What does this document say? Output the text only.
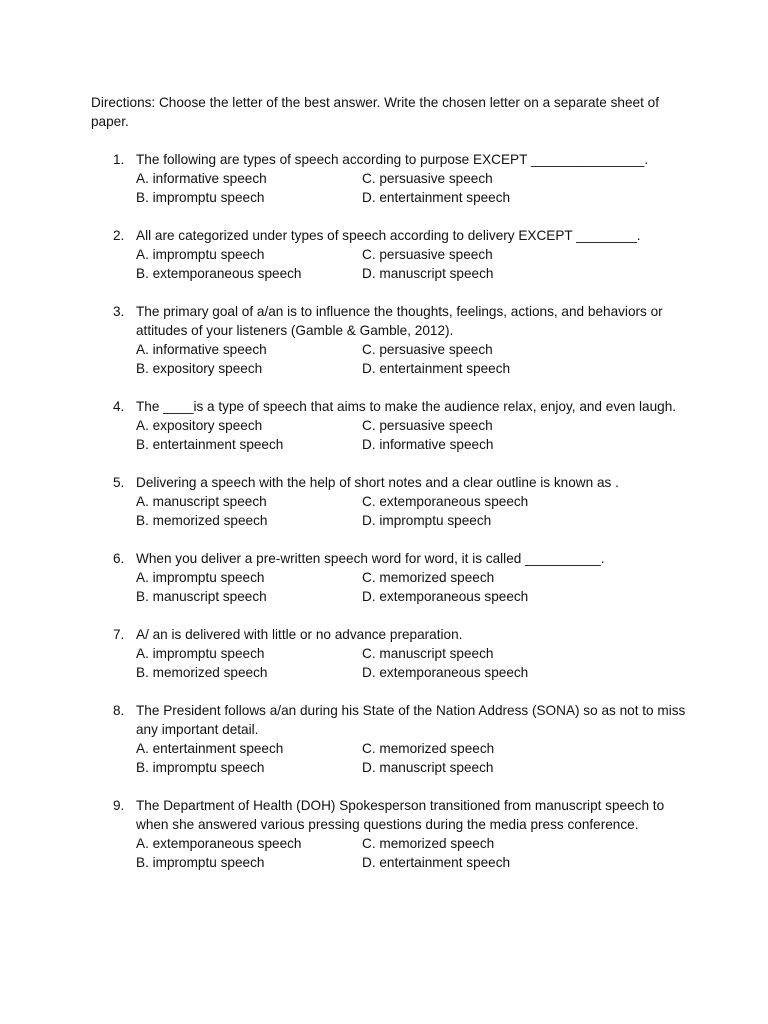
Directions: Choose the letter of the best answer. Write the chosen letter on a separate sheet of paper.

1. The following are types of speech according to purpose EXCEPT _______________.

A. informative speech	C. persuasive speech
B. impromptu speech	D. entertainment speech
2. All are categorized under types of speech according to delivery EXCEPT ________.

A. impromptu speech	C. persuasive speech
B. extemporaneous speech	D. manuscript speech
3. The primary goal of a/an is to influence the thoughts, feelings, actions, and behaviors or attitudes of your listeners (Gamble & Gamble, 2012).

A. informative speech	C. persuasive speech
B. expository speech	D. entertainment speech
4. The ____is a type of speech that aims to make the audience relax, enjoy, and even laugh.

A. expository speech	C. persuasive speech
B. entertainment speech	D. informative speech
5. Delivering a speech with the help of short notes and a clear outline is known as .

A. manuscript speech	C. extemporaneous speech
B. memorized speech	D. impromptu speech
6. When you deliver a pre-written speech word for word, it is called __________.

A. impromptu speech	C. memorized speech
B. manuscript speech	D. extemporaneous speech
7. A/ an is delivered with little or no advance preparation.

A. impromptu speech	C. manuscript speech
B. memorized speech	D. extemporaneous speech
8. The President follows a/an during his State of the Nation Address (SONA) so as not to miss any important detail.

A. entertainment speech	C. memorized speech
B. impromptu speech	D. manuscript speech
9. The Department of Health (DOH) Spokesperson transitioned from manuscript speech to when she answered various pressing questions during the media press conference.

A. extemporaneous speech	C. memorized speech
B. impromptu speech	D. entertainment speech
